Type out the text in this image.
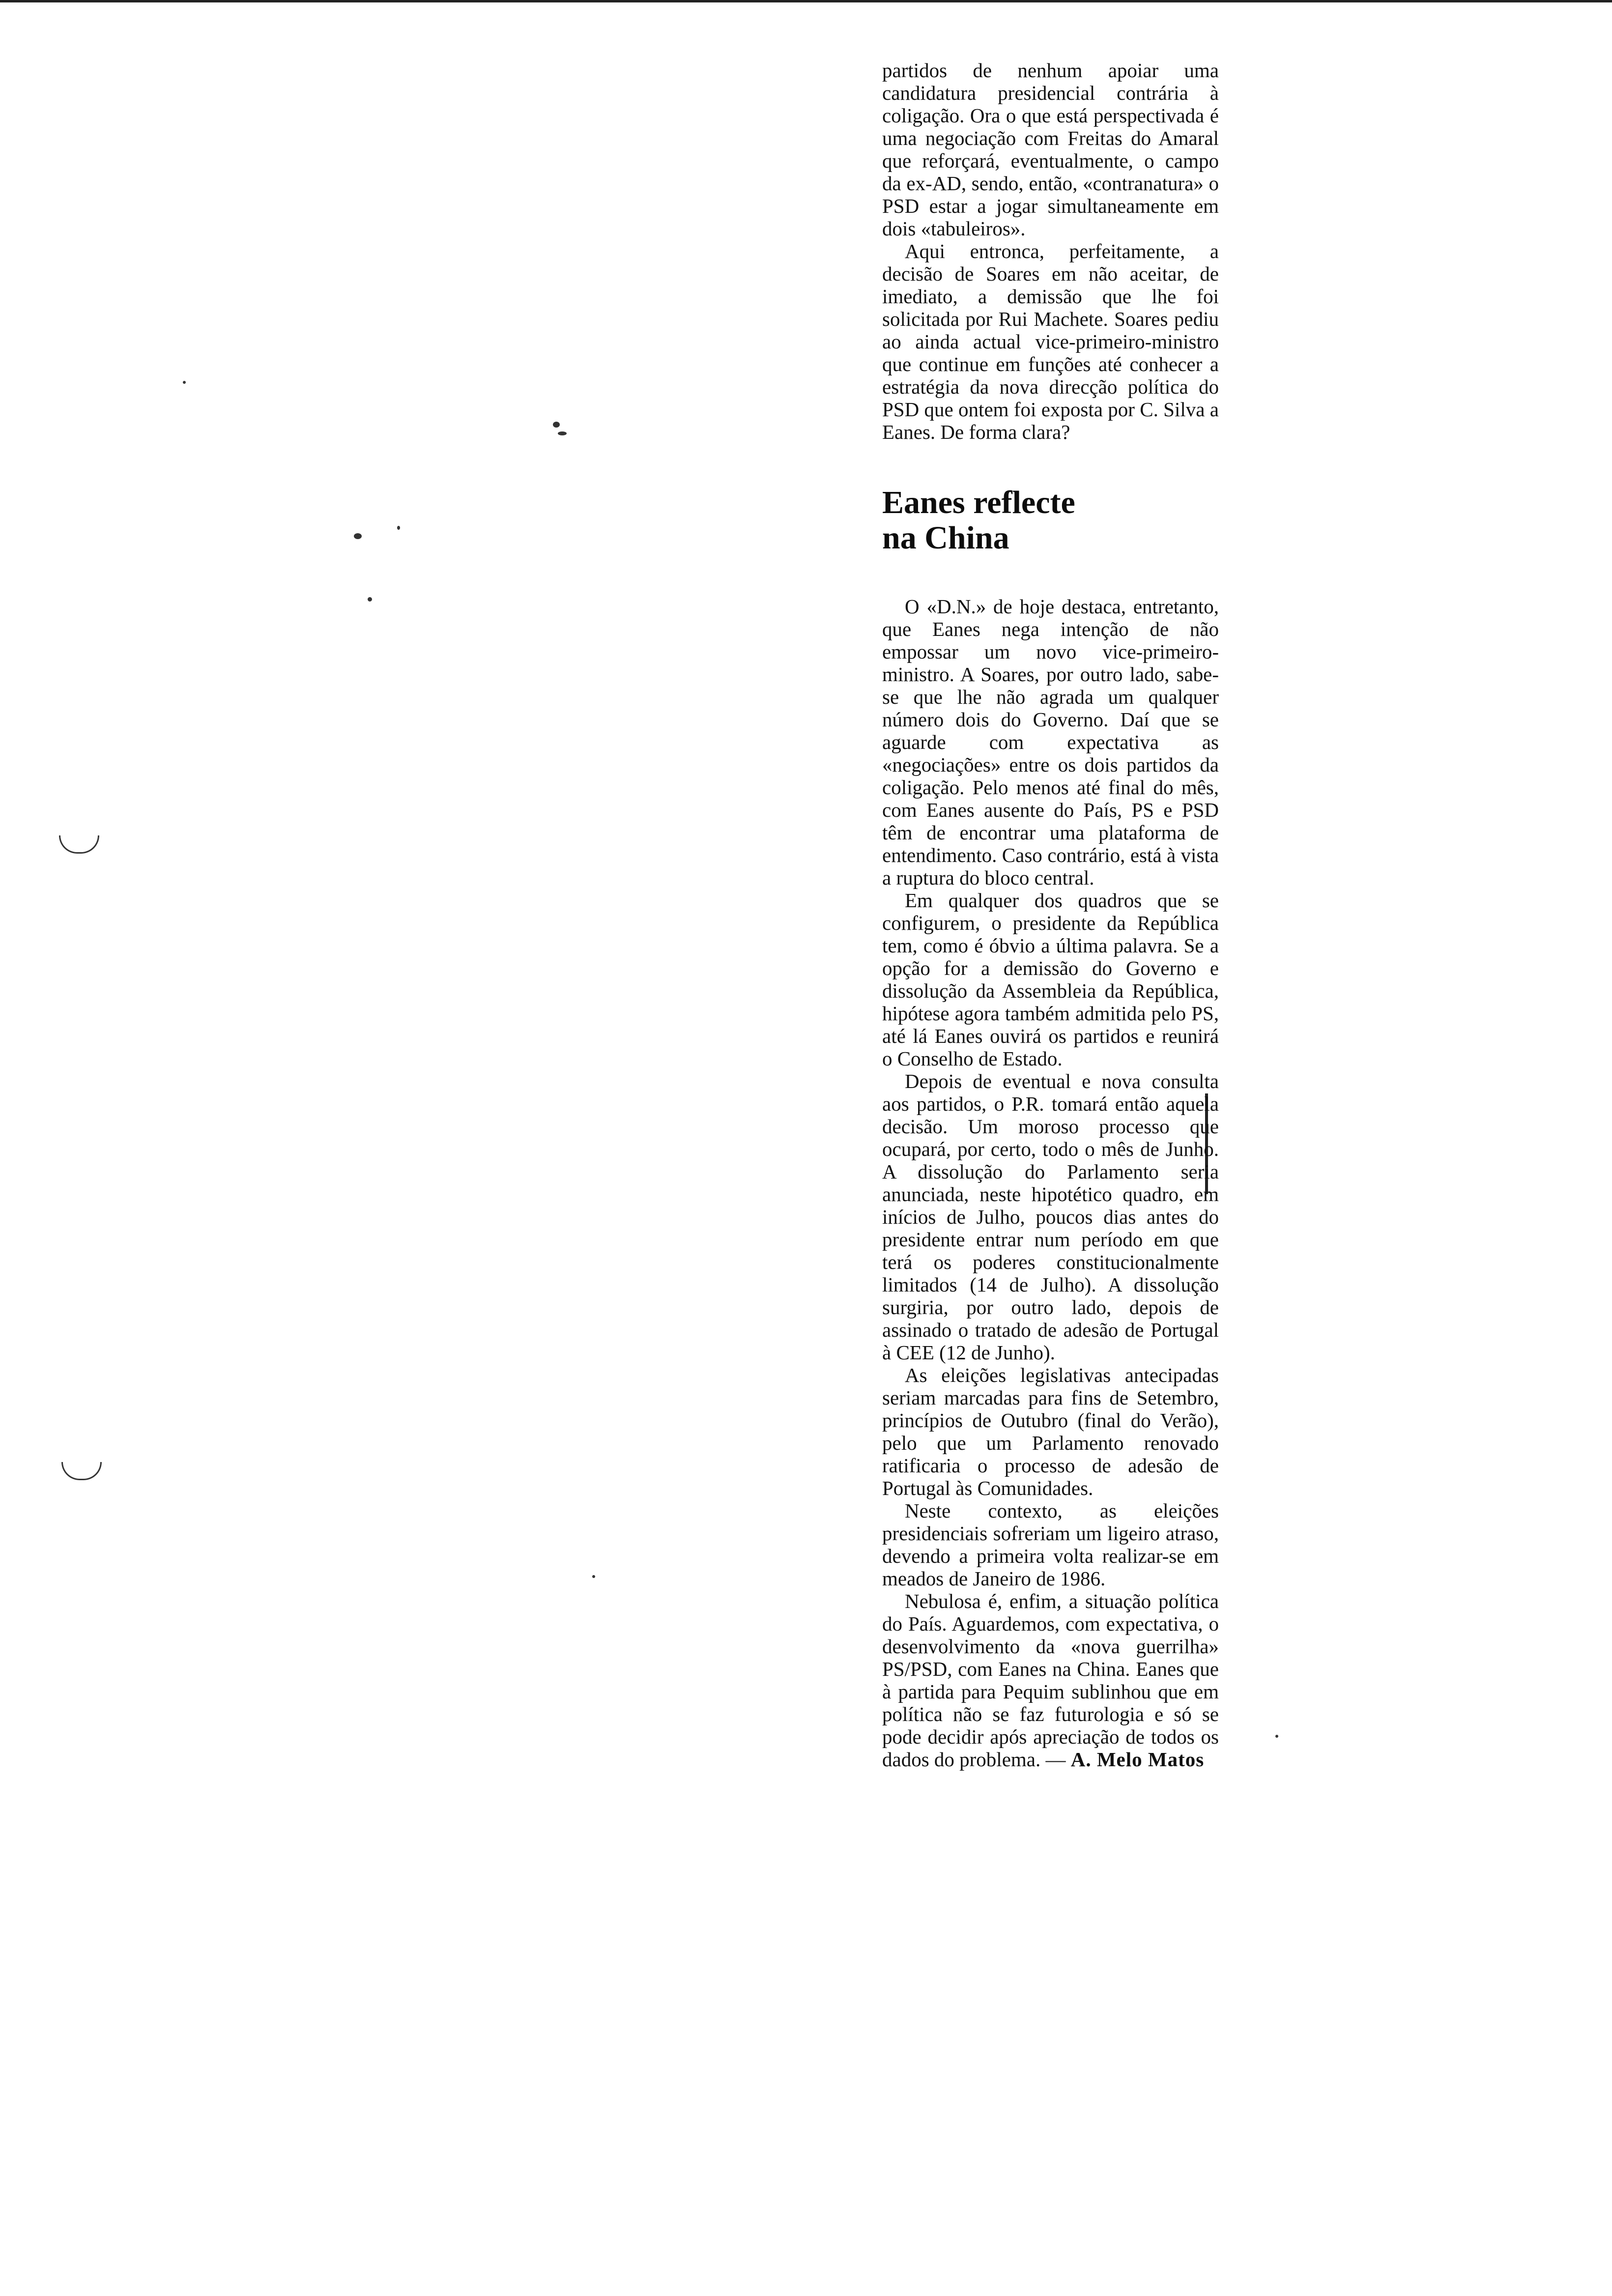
partidos de nenhum apoiar uma candidatura presidencial contrária à coligação. Ora o que está perspectivada é uma negociação com Freitas do Amaral que reforçará, eventualmente, o campo da ex-AD, sendo, então, «contranatura» o PSD estar a jogar simultaneamente em dois «tabuleiros».

Aqui entronca, perfeitamente, a decisão de Soares em não aceitar, de imediato, a demissão que lhe foi solicitada por Rui Machete. Soares pediu ao ainda actual vice-primeiro-ministro que continue em funções até conhecer a estratégia da nova direcção política do PSD que ontem foi exposta por C. Silva a Eanes. De forma clara?

Eanes reflecte
na China

O «D.N.» de hoje destaca, entretanto, que Eanes nega intenção de não empossar um novo vice-primeiro-ministro. A Soares, por outro lado, sabe-se que lhe não agrada um qualquer número dois do Governo. Daí que se aguarde com expectativa as «negociações» entre os dois partidos da coligação. Pelo menos até final do mês, com Eanes ausente do País, PS e PSD têm de encontrar uma plataforma de entendimento. Caso contrário, está à vista a ruptura do bloco central.

Em qualquer dos quadros que se configurem, o presidente da República tem, como é óbvio a última palavra. Se a opção for a demissão do Governo e dissolução da Assembleia da República, hipótese agora também admitida pelo PS, até lá Eanes ouvirá os partidos e reunirá o Conselho de Estado.

Depois de eventual e nova consulta aos partidos, o P.R. tomará então aquela decisão. Um moroso processo que ocupará, por certo, todo o mês de Junho. A dissolução do Parlamento seria anunciada, neste hipotético quadro, em inícios de Julho, poucos dias antes do presidente entrar num período em que terá os poderes constitucionalmente limitados (14 de Julho). A dissolução surgiria, por outro lado, depois de assinado o tratado de adesão de Portugal à CEE (12 de Junho).

As eleições legislativas antecipadas seriam marcadas para fins de Setembro, princípios de Outubro (final do Verão), pelo que um Parlamento renovado ratificaria o processo de adesão de Portugal às Comunidades.

Neste contexto, as eleições presidenciais sofreriam um ligeiro atraso, devendo a primeira volta realizar-se em meados de Janeiro de 1986.

Nebulosa é, enfim, a situação política do País. Aguardemos, com expectativa, o desenvolvimento da «nova guerrilha» PS/PSD, com Eanes na China. Eanes que à partida para Pequim sublinhou que em política não se faz futurologia e só se pode decidir após apreciação de todos os dados do problema. — A. Melo Matos
